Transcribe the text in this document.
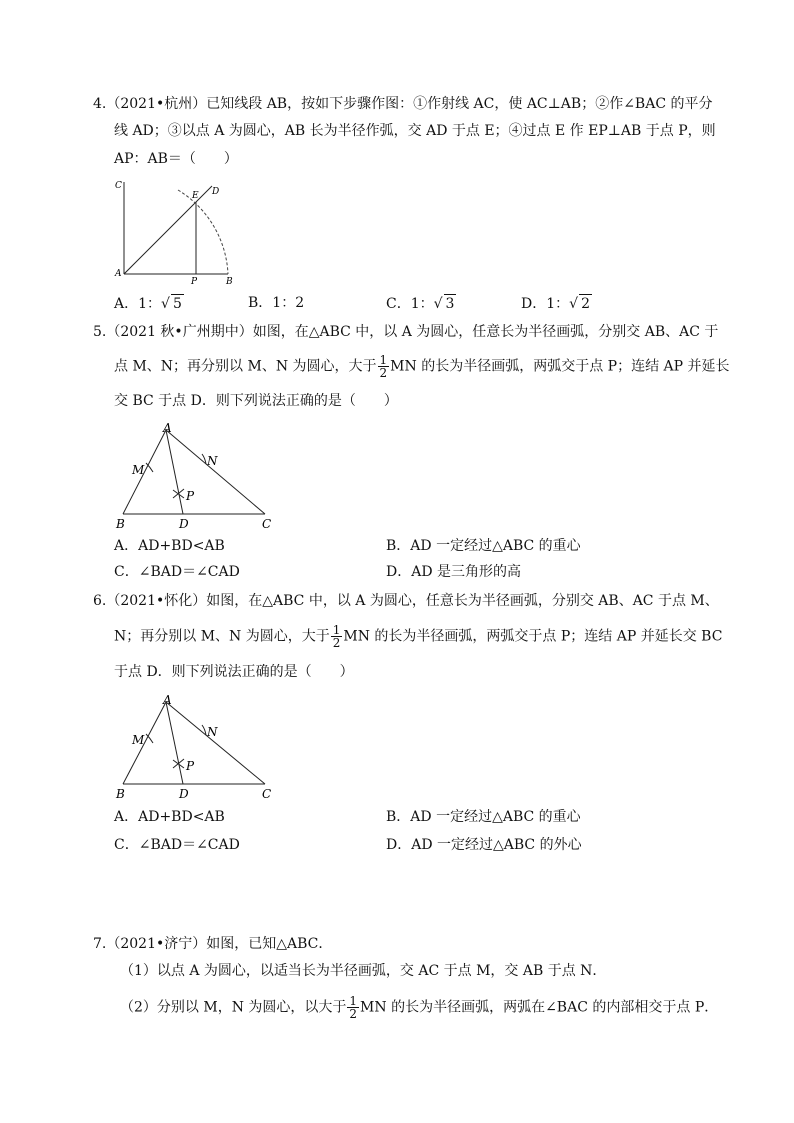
4.（2021•杭州）已知线段 AB，按如下步骤作图：①作射线 AC，使 AC⊥AB；②作∠BAC 的平分
线 AD；③以点 A 为圆心，AB 长为半径作弧，交 AD 于点 E；④过点 E 作 EP⊥AB 于点 P，则
AP：AB＝（　　）
C
E D
A
P	B
A．1：√ 5	B．1：2	C．1：√ 3	D．1：√ 2
5.（2021 秋•广州期中）如图，在△ABC 中，以 A 为圆心，任意长为半径画弧，分别交 AB、AC 于
点 M、N；再分别以 M、N 为圆心，大于 $\frac{1}{2}$ MN 的长为半径画弧，两弧交于点 P；连结 AP 并延长
交 BC 于点 D．则下列说法正确的是（　　）
A
M
N
P
B	D	C
A．AD+BD<AB	B．AD 一定经过△ABC 的重心
C．∠BAD＝∠CAD	D．AD 是三角形的高
6.（2021•怀化）如图，在△ABC 中，以 A 为圆心，任意长为半径画弧，分别交 AB、AC 于点 M、
N；再分别以 M、N 为圆心，大于 $\frac{1}{2}$ MN 的长为半径画弧，两弧交于点 P；连结 AP 并延长交 BC
于点 D．则下列说法正确的是（　　）
A
M
N
P
B	D	C
A．AD+BD<AB	B．AD 一定经过△ABC 的重心
C．∠BAD＝∠CAD	D．AD 一定经过△ABC 的外心
7.（2021•济宁）如图，已知△ABC．
（1）以点 A 为圆心，以适当长为半径画弧，交 AC 于点 M，交 AB 于点 N．
（2）分别以 M，N 为圆心，以大于 $\frac{1}{2}$ MN 的长为半径画弧，两弧在∠BAC 的内部相交于点 P．
